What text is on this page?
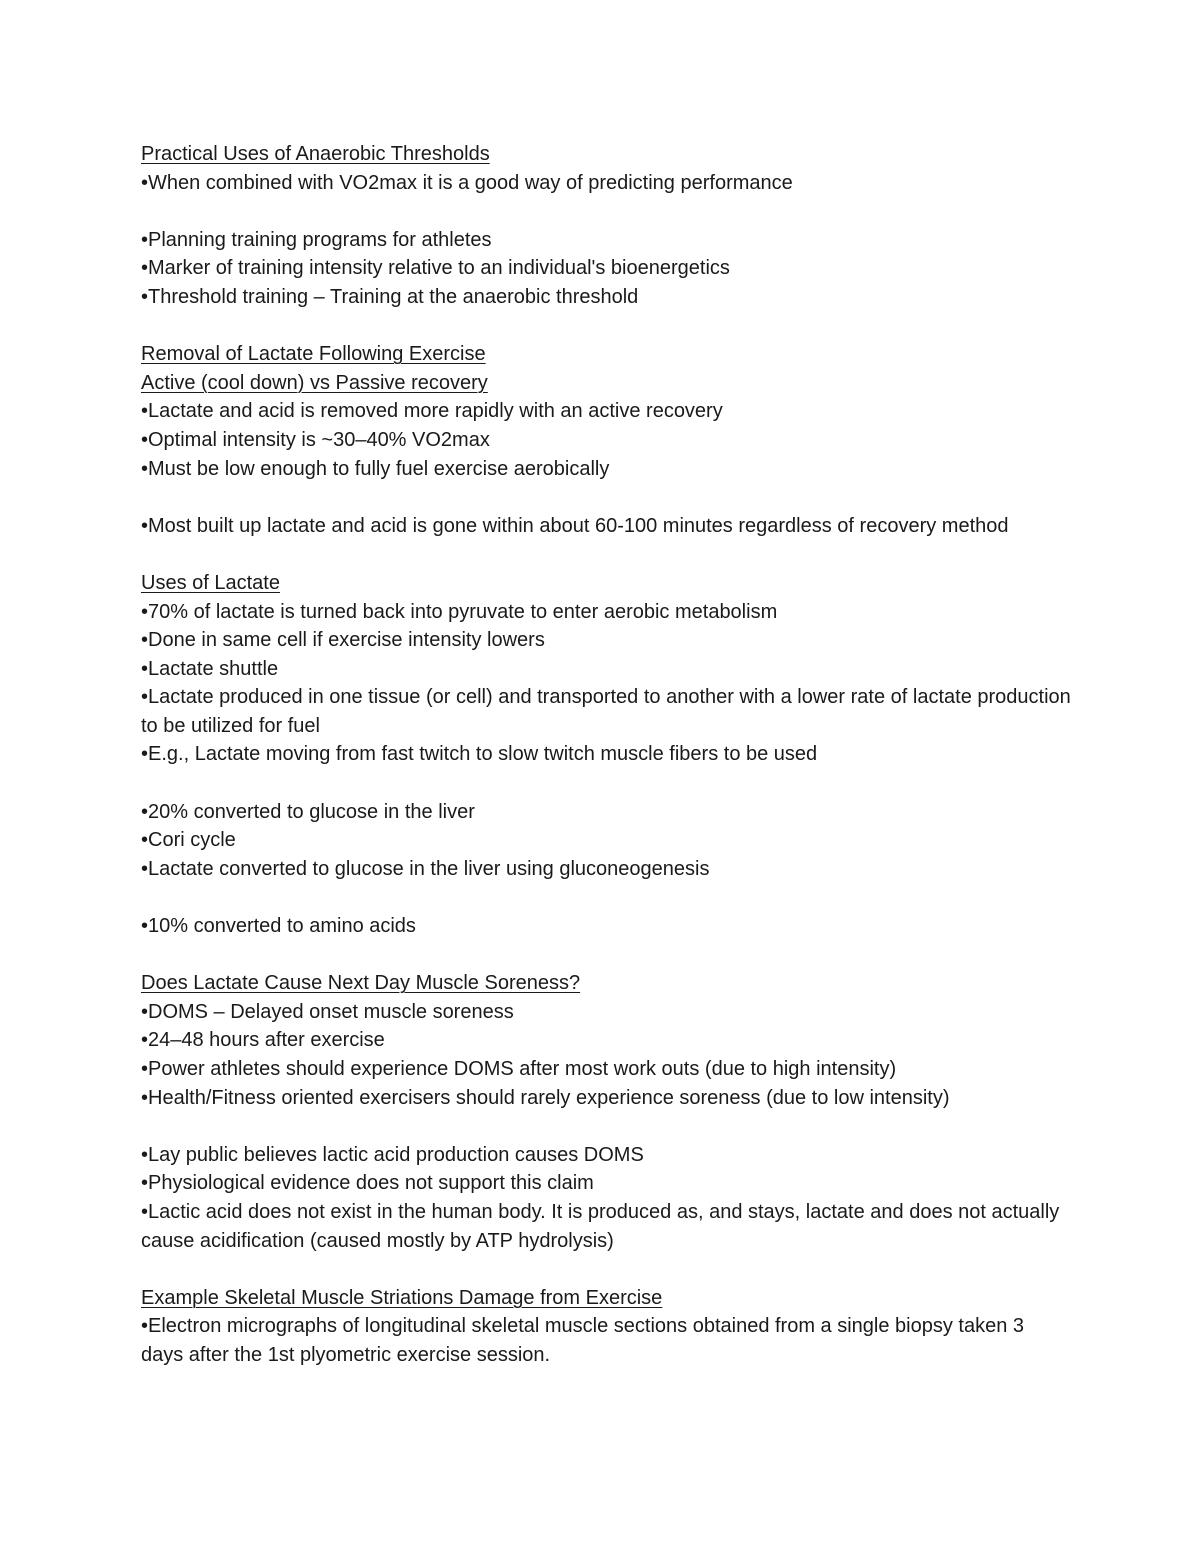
Practical Uses of Anaerobic Thresholds

•When combined with VO2max it is a good way of predicting performance

•Planning training programs for athletes

•Marker of training intensity relative to an individual's bioenergetics

•Threshold training – Training at the anaerobic threshold

Removal of Lactate Following Exercise

Active (cool down) vs Passive recovery

•Lactate and acid is removed more rapidly with an active recovery

•Optimal intensity is ~30–40% VO2max

•Must be low enough to fully fuel exercise aerobically

•Most built up lactate and acid is gone within about 60-100 minutes regardless of recovery method

Uses of Lactate

•70% of lactate is turned back into pyruvate to enter aerobic metabolism

•Done in same cell if exercise intensity lowers

•Lactate shuttle

•Lactate produced in one tissue (or cell) and transported to another with a lower rate of lactate production to be utilized for fuel

•E.g., Lactate moving from fast twitch to slow twitch muscle fibers to be used

•20% converted to glucose in the liver

•Cori cycle

•Lactate converted to glucose in the liver using gluconeogenesis

•10% converted to amino acids

Does Lactate Cause Next Day Muscle Soreness?

•DOMS – Delayed onset muscle soreness

•24–48 hours after exercise

•Power athletes should experience DOMS after most work outs (due to high intensity)

•Health/Fitness oriented exercisers should rarely experience soreness (due to low intensity)

•Lay public believes lactic acid production causes DOMS

•Physiological evidence does not support this claim

•Lactic acid does not exist in the human body. It is produced as, and stays, lactate and does not actually cause acidification (caused mostly by ATP hydrolysis)

Example Skeletal Muscle Striations Damage from Exercise

•Electron micrographs of longitudinal skeletal muscle sections obtained from a single biopsy taken 3 days after the 1st plyometric exercise session.
